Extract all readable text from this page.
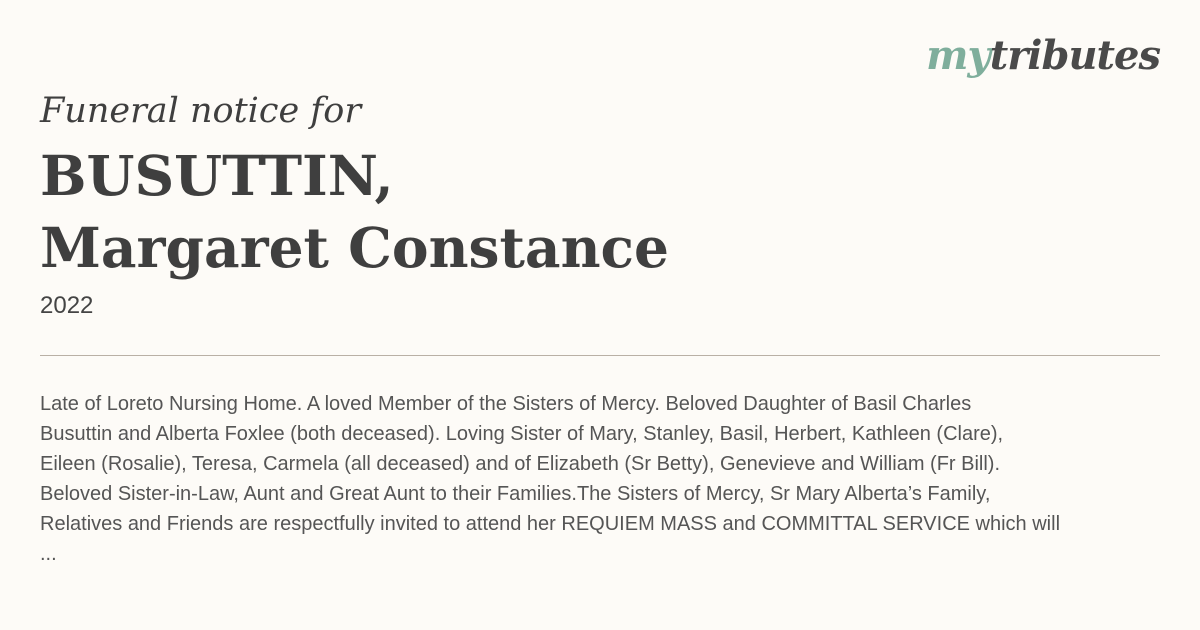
mytributes

Funeral notice for

BUSUTTIN,
Margaret Constance

2022

Late of Loreto Nursing Home. A loved Member of the Sisters of Mercy. Beloved Daughter of Basil Charles
Busuttin and Alberta Foxlee (both deceased). Loving Sister of Mary, Stanley, Basil, Herbert, Kathleen (Clare),
Eileen (Rosalie), Teresa, Carmela (all deceased) and of Elizabeth (Sr Betty), Genevieve and William (Fr Bill).
Beloved Sister-in-Law, Aunt and Great Aunt to their Families.The Sisters of Mercy, Sr Mary Alberta’s Family,
Relatives and Friends are respectfully invited to attend her REQUIEM MASS and COMMITTAL SERVICE which will
...
